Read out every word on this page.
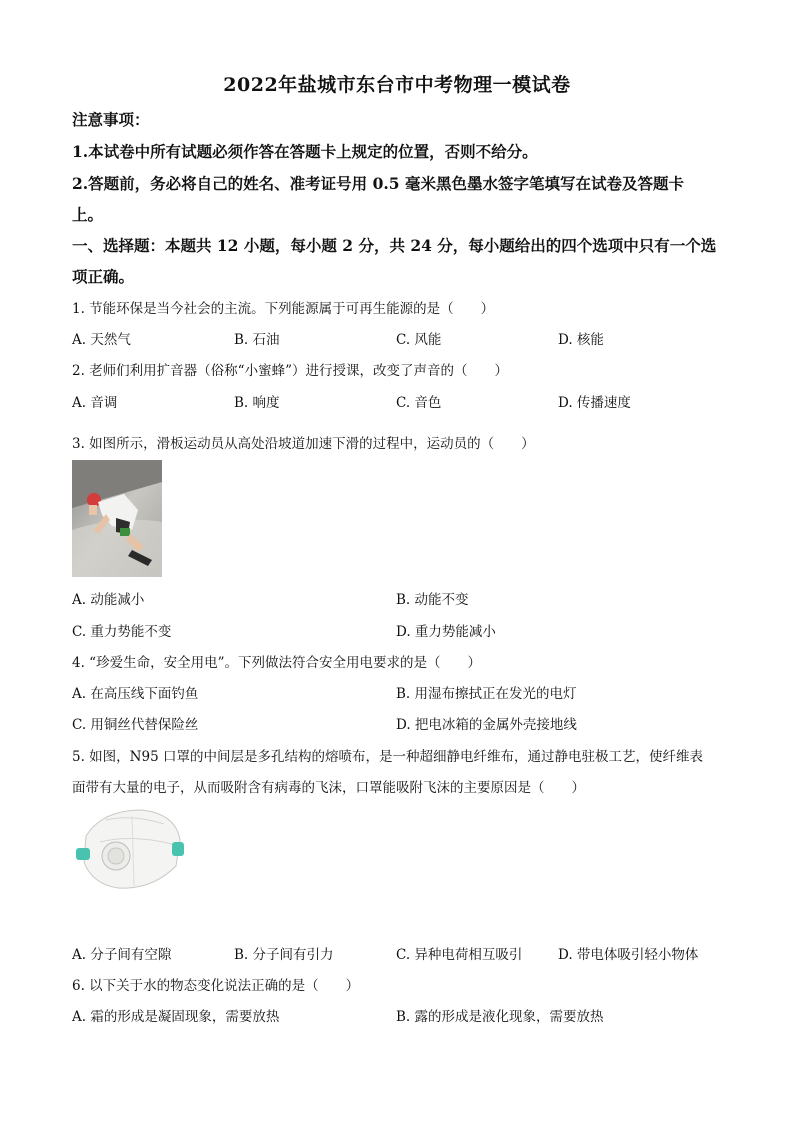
2022年盐城市东台市中考物理一模试卷
注意事项：
1.本试卷中所有试题必须作答在答题卡上规定的位置，否则不给分。
2.答题前，务必将自己的姓名、准考证号用 0.5 毫米黑色墨水签字笔填写在试卷及答题卡
上。
一、选择题：本题共 12 小题，每小题 2 分，共 24 分，每小题给出的四个选项中只有一个选
项正确。
1. 节能环保是当今社会的主流。下列能源属于可再生能源的是（　　）
A. 天然气	B. 石油	C. 风能	D. 核能
2. 老师们利用扩音器（俗称“小蜜蜂”）进行授课，改变了声音的（　　）
A. 音调	B. 响度	C. 音色	D. 传播速度
3. 如图所示，滑板运动员从高处沿坡道加速下滑的过程中，运动员的（　　）
A. 动能减小	B. 动能不变
C. 重力势能不变	D. 重力势能减小
4. “珍爱生命，安全用电”。下列做法符合安全用电要求的是（　　）
A. 在高压线下面钓鱼	B. 用湿布擦拭正在发光的电灯
C. 用铜丝代替保险丝	D. 把电冰箱的金属外壳接地线
5. 如图，N95 口罩的中间层是多孔结构的熔喷布，是一种超细静电纤维布，通过静电驻极工艺，使纤维表
面带有大量的电子，从而吸附含有病毒的飞沫，口罩能吸附飞沫的主要原因是（　　）
A. 分子间有空隙	B. 分子间有引力	C. 异种电荷相互吸引	D. 带电体吸引轻小物体
6. 以下关于水的物态变化说法正确的是（　　）
A. 霜的形成是凝固现象，需要放热	B. 露的形成是液化现象，需要放热
